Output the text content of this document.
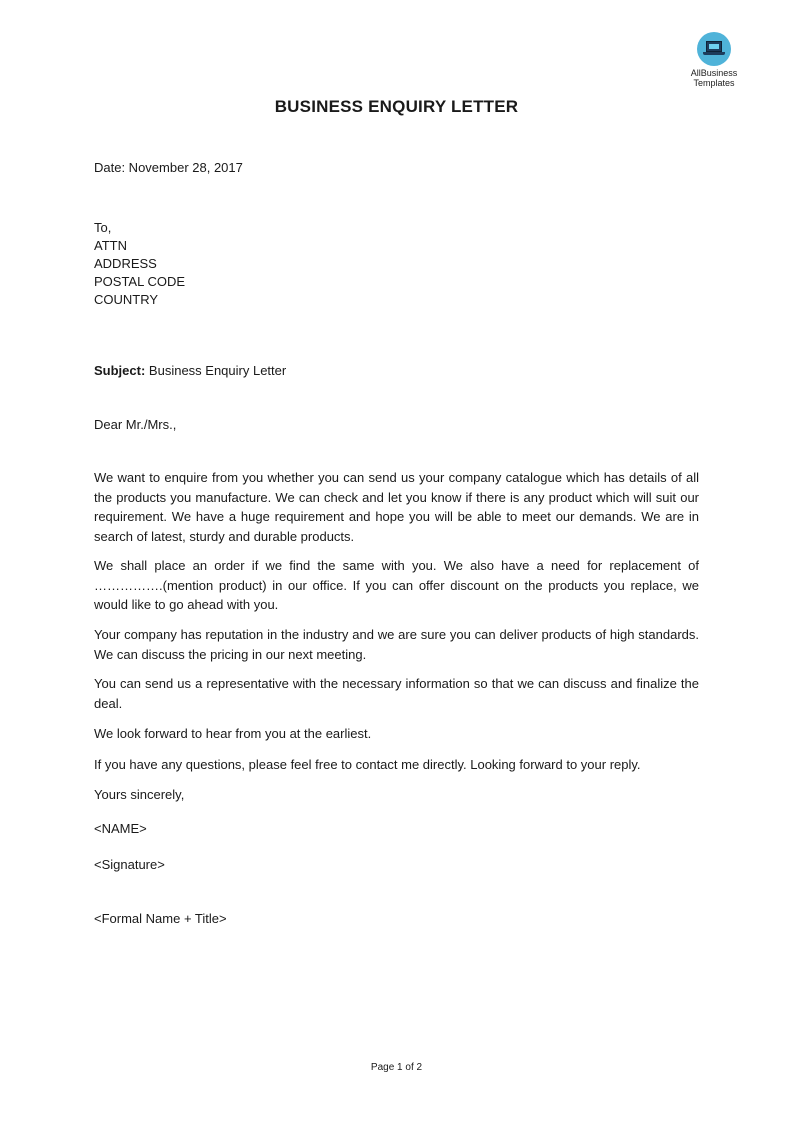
AllBusiness
Templates
BUSINESS ENQUIRY LETTER
Date: November 28, 2017
To,
ATTN
ADDRESS
POSTAL CODE
COUNTRY
Subject: Business Enquiry Letter
Dear Mr./Mrs.,

We want to enquire from you whether you can send us your company catalogue which has details of all the products you manufacture. We can check and let you know if there is any product which will suit our requirement. We have a huge requirement and hope you will be able to meet our demands. We are in search of latest, sturdy and durable products.

We shall place an order if we find the same with you. We also have a need for replacement of …………….(mention product) in our office. If you can offer discount on the products you replace, we would like to go ahead with you.

Your company has reputation in the industry and we are sure you can deliver products of high standards. We can discuss the pricing in our next meeting.

You can send us a representative with the necessary information so that we can discuss and finalize the deal.

We look forward to hear from you at the earliest.

If you have any questions, please feel free to contact me directly. Looking forward to your reply.

Yours sincerely,
<NAME>
<Signature>
<Formal Name + Title>
Page 1 of 2
